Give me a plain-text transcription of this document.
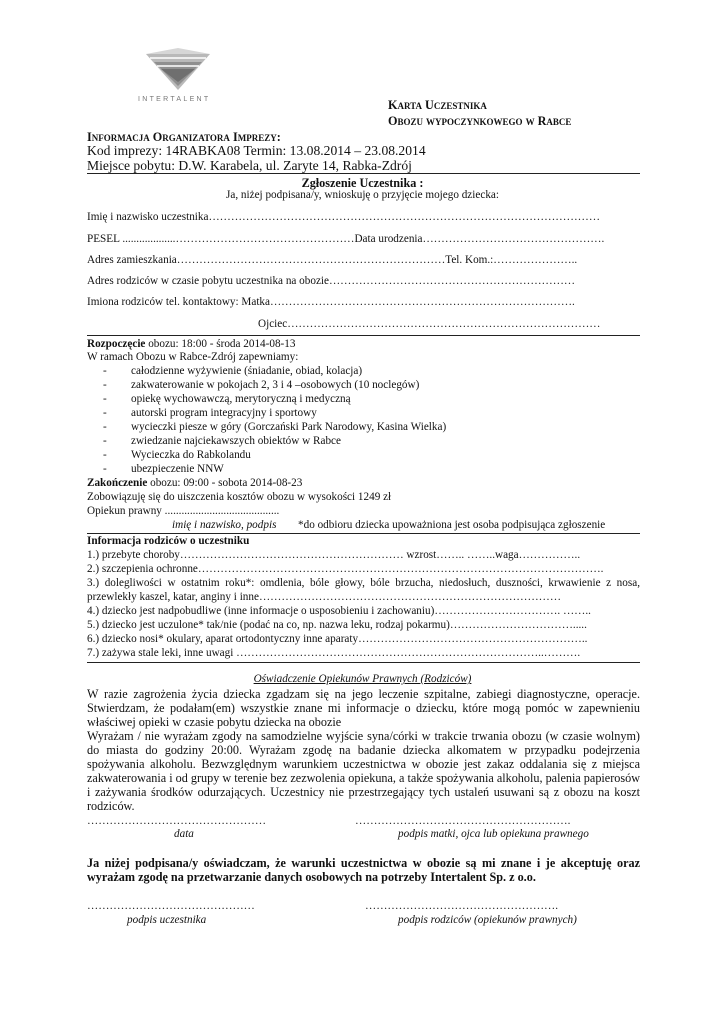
INTERTALENT	Karta Uczestnika
Obozu wypoczynkowego w Rabce
Informacja Organizatora Imprezy:
Kod imprezy: 14RABKA08 Termin: 13.08.2014 – 23.08.2014
Miejsce pobytu: D.W. Karabela, ul. Zaryte 14, Rabka-Zdrój
Zgłoszenie Uczestnika :
Ja, niżej podpisana/y, wnioskuję o przyjęcie mojego dziecka:
Imię i nazwisko uczestnika……………………………………………………………………………………………
PESEL ...................…………………………………………Data urodzenia………………………………………….
Adres zamieszkania………………………………………………………………Tel. Kom.:…………………..
Adres rodziców w czasie pobytu uczestnika na obozie…………………………………………………………
Imiona rodziców tel. kontaktowy: Matka……………………………………………………………………….
Ojciec…………………………………………………………………………
Rozpoczęcie obozu: 18:00 - środa 2014-08-13
W ramach Obozu w Rabce-Zdrój zapewniamy:
- całodzienne wyżywienie (śniadanie, obiad, kolacja)
- zakwaterowanie w pokojach 2, 3 i 4 –osobowych (10 noclegów)
- opiekę wychowawczą, merytoryczną i medyczną
- autorski program integracyjny i sportowy
- wycieczki piesze w góry (Gorczański Park Narodowy, Kasina Wielka)
- zwiedzanie najciekawszych obiektów w Rabce
- Wycieczka do Rabkolandu
- ubezpieczenie NNW
Zakończenie obozu: 09:00 - sobota 2014-08-23
Zobowiązuję się do uiszczenia kosztów obozu w wysokości 1249 zł
Opiekun prawny .........................................
imię i nazwisko, podpis *do odbioru dziecka upoważniona jest osoba podpisująca zgłoszenie
Informacja rodziców o uczestniku
1.) przebyte choroby…………………………………………………… wzrost…….. ……..waga……………..
2.) szczepienia ochronne……………………………………………………………………………………………….
3.) dolegliwości w ostatnim roku*: omdlenia, bóle głowy, bóle brzucha, niedosłuch, duszności, krwawienie z nosa, przewlekły kaszel, katar, anginy i inne………………………………………………………………………
4.) dziecko jest nadpobudliwe (inne informacje o usposobieniu i zachowaniu)……………………………. ……..
5.) dziecko jest uczulone* tak/nie (podać na co, np. nazwa leku, rodzaj pokarmu)…………………………….....
6.) dziecko nosi* okulary, aparat ortodontyczny inne aparaty……………………………………………………..
7.) zażywa stale leki, inne uwagi ………………………………………………………………………..……….
Oświadczenie Opiekunów Prawnych (Rodziców)
W razie zagrożenia życia dziecka zgadzam się na jego leczenie szpitalne, zabiegi diagnostyczne, operacje. Stwierdzam, że podałam(em) wszystkie znane mi informacje o dziecku, które mogą pomóc w zapewnieniu właściwej opieki w czasie pobytu dziecka na obozie
Wyrażam / nie wyrażam zgody na samodzielne wyjście syna/córki w trakcie trwania obozu (w czasie wolnym) do miasta do godziny 20:00. Wyrażam zgodę na badanie dziecka alkomatem w przypadku podejrzenia spożywania alkoholu. Bezwzględnym warunkiem uczestnictwa w obozie jest zakaz oddalania się z miejsca zakwaterowania i od grupy w terenie bez zezwolenia opiekuna, a także spożywania alkoholu, palenia papierosów i zażywania środków odurzających. Uczestnicy nie przestrzegający tych ustaleń usuwani są z obozu na koszt rodziców.
…………………………………………	………………………………………………….
data	podpis matki, ojca lub opiekuna prawnego
Ja niżej podpisana/y oświadczam, że warunki uczestnictwa w obozie są mi znane i je akceptuję oraz wyrażam zgodę na przetwarzanie danych osobowych na potrzeby Intertalent Sp. z o.o.
………………………………………	…………………………………………….
podpis uczestnika	podpis rodziców (opiekunów prawnych)
